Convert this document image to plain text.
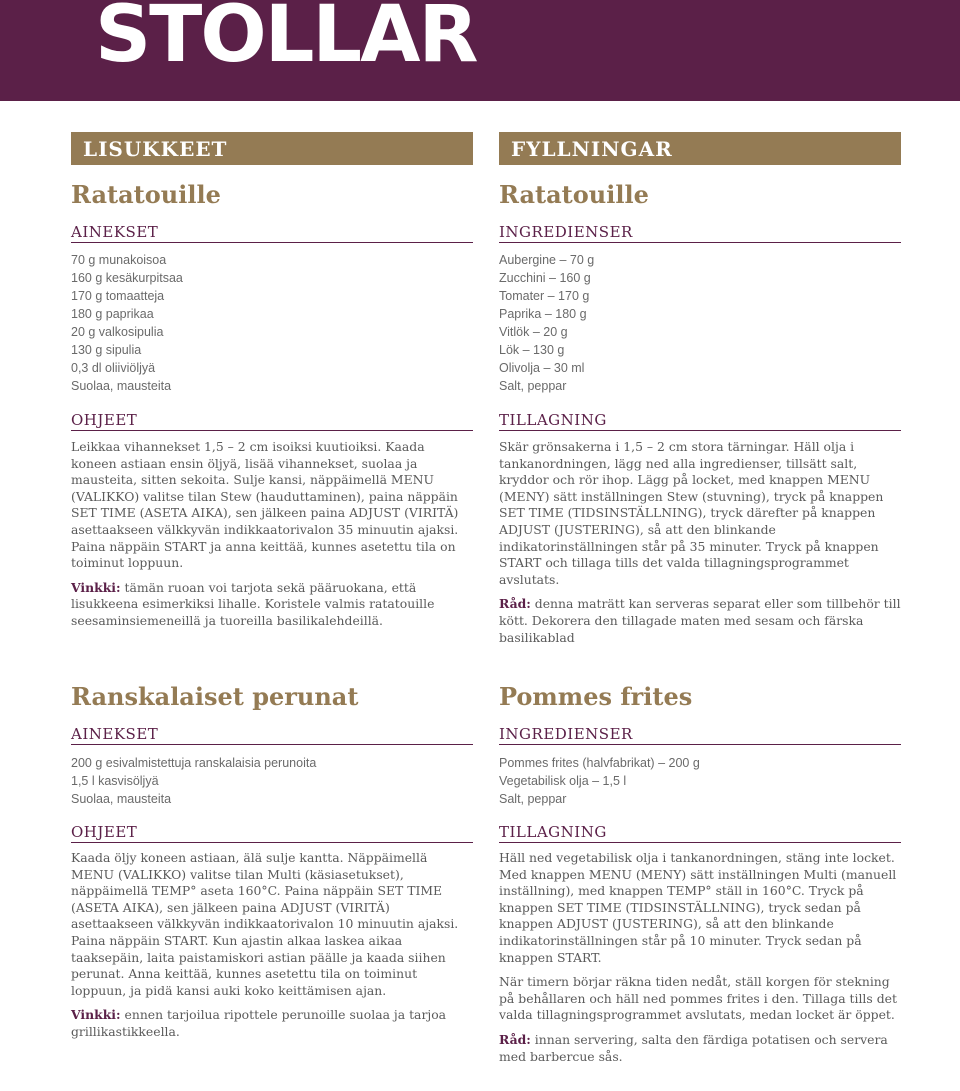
STOLLAR
LISUKKEET
Ratatouille
AINEKSET
70 g munakoisoa
160 g kesäkurpitsaa
170 g tomaatteja
180 g paprikaa
20 g valkosipulia
130 g sipulia
0,3 dl oliiviöljyä
Suolaa, mausteita
OHJEET

Leikkaa vihannekset 1,5 – 2 cm isoiksi kuutioiksi. Kaada koneen astiaan ensin öljyä, lisää vihannekset, suolaa ja mausteita, sitten sekoita. Sulje kansi, näppäimellä MENU (VALIKKO) valitse tilan Stew (hauduttaminen), paina näppäin SET TIME (ASETA AIKA), sen jälkeen paina ADJUST (VIRITÄ) asettaakseen välkkyvän indikkaatorivalon 35 minuutin ajaksi. Paina näppäin START ja anna keittää, kunnes asetettu tila on toiminut loppuun.

Vinkki: tämän ruoan voi tarjota sekä pääruokana, että lisukkeena esimerkiksi lihalle. Koristele valmis ratatouille seesaminsiemeneillä ja tuoreilla basilikalehdeillä.

Ranskalaiset perunat
AINEKSET
200 g esivalmistettuja ranskalaisia perunoita
1,5 l kasvisöljyä
Suolaa, mausteita
OHJEET

Kaada öljy koneen astiaan, älä sulje kantta. Näppäimellä MENU (VALIKKO) valitse tilan Multi (käsiasetukset), näppäimellä TEMP° aseta 160°C. Paina näppäin SET TIME (ASETA AIKA), sen jälkeen paina ADJUST (VIRITÄ) asettaakseen välkkyvän indikkaatorivalon 10 minuutin ajaksi. Paina näppäin START. Kun ajastin alkaa laskea aikaa taaksepäin, laita paistamiskori astian päälle ja kaada siihen perunat. Anna keittää, kunnes asetettu tila on toiminut loppuun, ja pidä kansi auki koko keittämisen ajan.

Vinkki: ennen tarjoilua ripottele perunoille suolaa ja tarjoa grillikastikkeella.

FYLLNINGAR
Ratatouille
INGREDIENSER
Aubergine – 70 g
Zucchini – 160 g
Tomater – 170 g
Paprika – 180 g
Vitlök – 20 g
Lök – 130 g
Olivolja – 30 ml
Salt, peppar
TILLAGNING

Skär grönsakerna i 1,5 – 2 cm stora tärningar. Häll olja i tankanordningen, lägg ned alla ingredienser, tillsätt salt, kryddor och rör ihop. Lägg på locket, med knappen MENU (MENY) sätt inställningen Stew (stuvning), tryck på knappen SET TIME (TIDSINSTÄLLNING), tryck därefter på knappen ADJUST (JUSTERING), så att den blinkande indikatorinställningen står på 35 minuter. Tryck på knappen START och tillaga tills det valda tillagningsprogrammet avslutats.

Råd: denna maträtt kan serveras separat eller som tillbehör till kött. Dekorera den tillagade maten med sesam och färska basilikablad

Pommes frites
INGREDIENSER
Pommes frites (halvfabrikat) – 200 g
Vegetabilisk olja – 1,5 l
Salt, peppar
TILLAGNING

Häll ned vegetabilisk olja i tankanordningen, stäng inte locket. Med knappen MENU (MENY) sätt inställningen Multi (manuell inställning), med knappen TEMP° ställ in 160°C. Tryck på knappen SET TIME (TIDSINSTÄLLNING), tryck sedan på knappen ADJUST (JUSTERING), så att den blinkande indikatorinställningen står på 10 minuter. Tryck sedan på knappen START.

När timern börjar räkna tiden nedåt, ställ korgen för stekning på behållaren och häll ned pommes frites i den. Tillaga tills det valda tillagningsprogrammet avslutats, medan locket är öppet.

Råd: innan servering, salta den färdiga potatisen och servera med barbercue sås.
